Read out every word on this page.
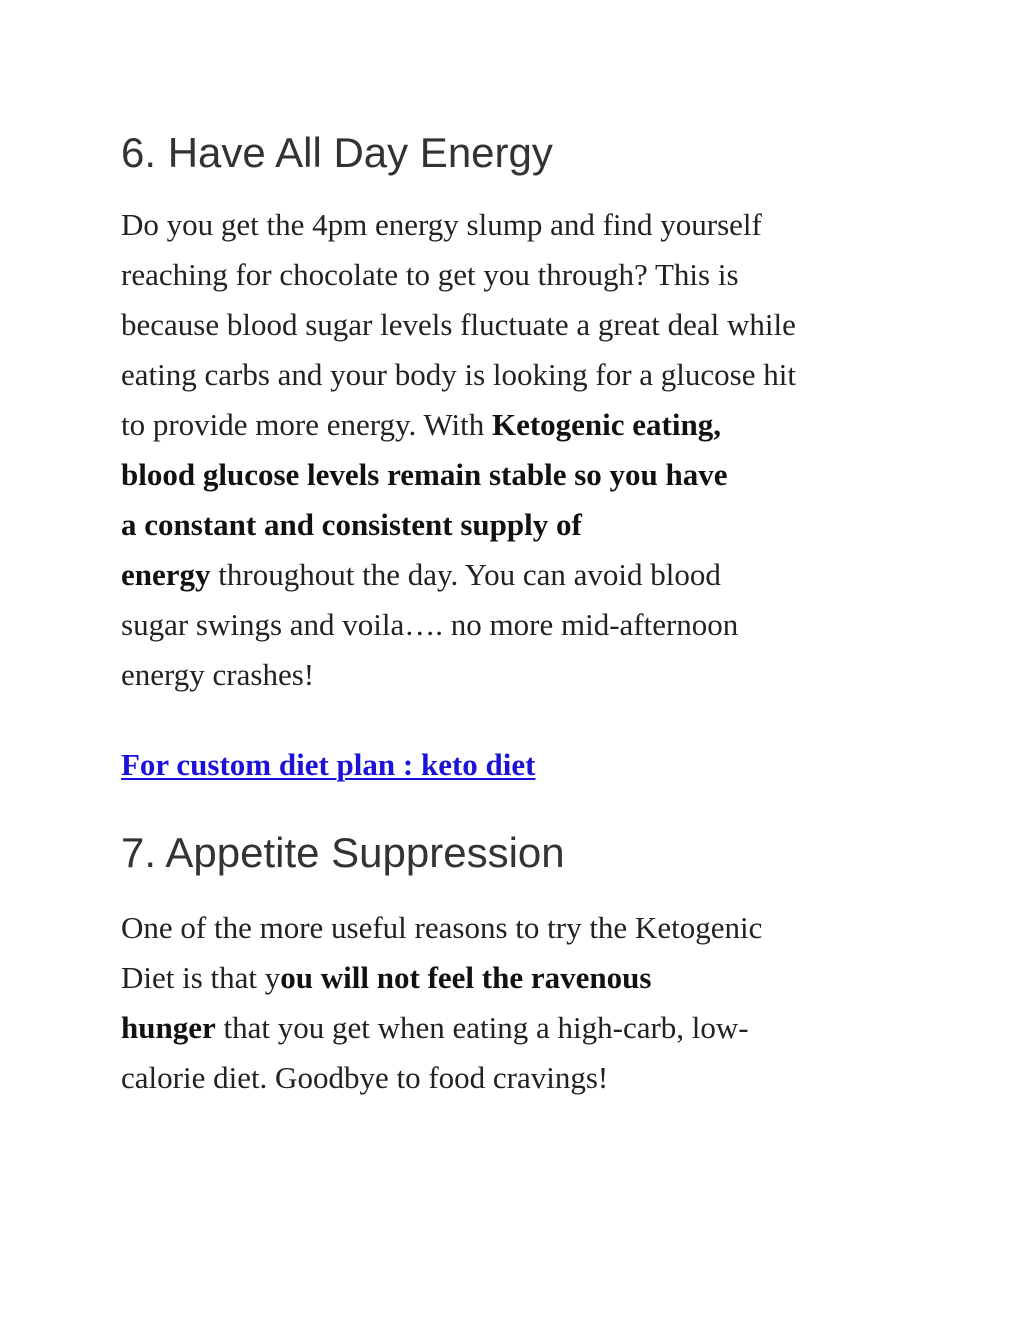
6. Have All Day Energy
Do you get the 4pm energy slump and find yourself
reaching for chocolate to get you through? This is
because blood sugar levels fluctuate a great deal while
eating carbs and your body is looking for a glucose hit
to provide more energy. With Ketogenic eating,
blood glucose levels remain stable so you have
a constant and consistent supply of
energy throughout the day. You can avoid blood
sugar swings and voila…. no more mid-afternoon
energy crashes!
For custom diet plan : keto diet
7. Appetite Suppression
One of the more useful reasons to try the Ketogenic
Diet is that you will not feel the ravenous
hunger that you get when eating a high-carb, low-
calorie diet. Goodbye to food cravings!
